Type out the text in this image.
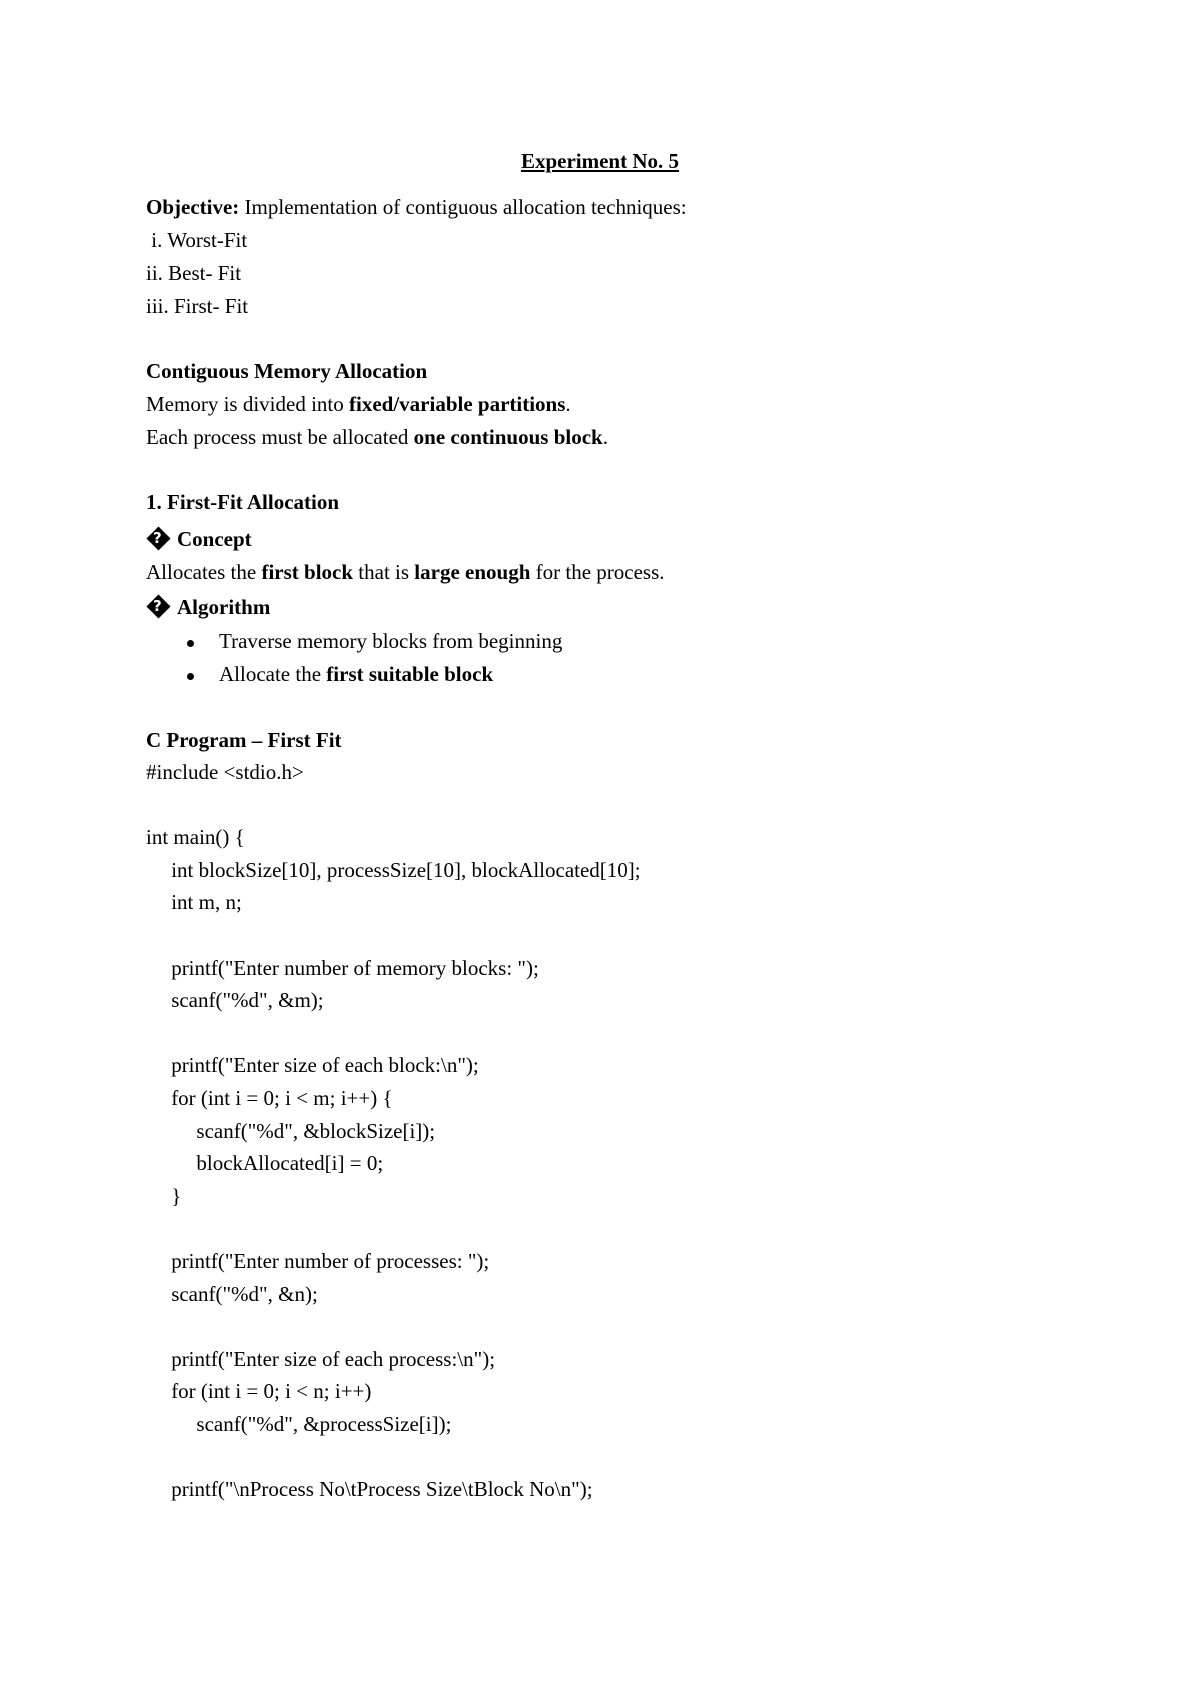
Experiment No. 5
Objective: Implementation of contiguous allocation techniques:
i. Worst-Fit
ii. Best- Fit
iii. First- Fit
Contiguous Memory Allocation
Memory is divided into fixed/variable partitions.
Each process must be allocated one continuous block.
1. First-Fit Allocation
?Concept
Allocates the first block that is large enough for the process.
?Algorithm
Traverse memory blocks from beginning
Allocate the first suitable block
C Program – First Fit
#include <stdio.h>
int main() {
int blockSize[10], processSize[10], blockAllocated[10];
int m, n;
printf("Enter number of memory blocks: ");
scanf("%d", &m);
printf("Enter size of each block:\n");
for (int i = 0; i < m; i++) {
scanf("%d", &blockSize[i]);
blockAllocated[i] = 0;
}
printf("Enter number of processes: ");
scanf("%d", &n);
printf("Enter size of each process:\n");
for (int i = 0; i < n; i++)
scanf("%d", &processSize[i]);
printf("\nProcess No\tProcess Size\tBlock No\n");
